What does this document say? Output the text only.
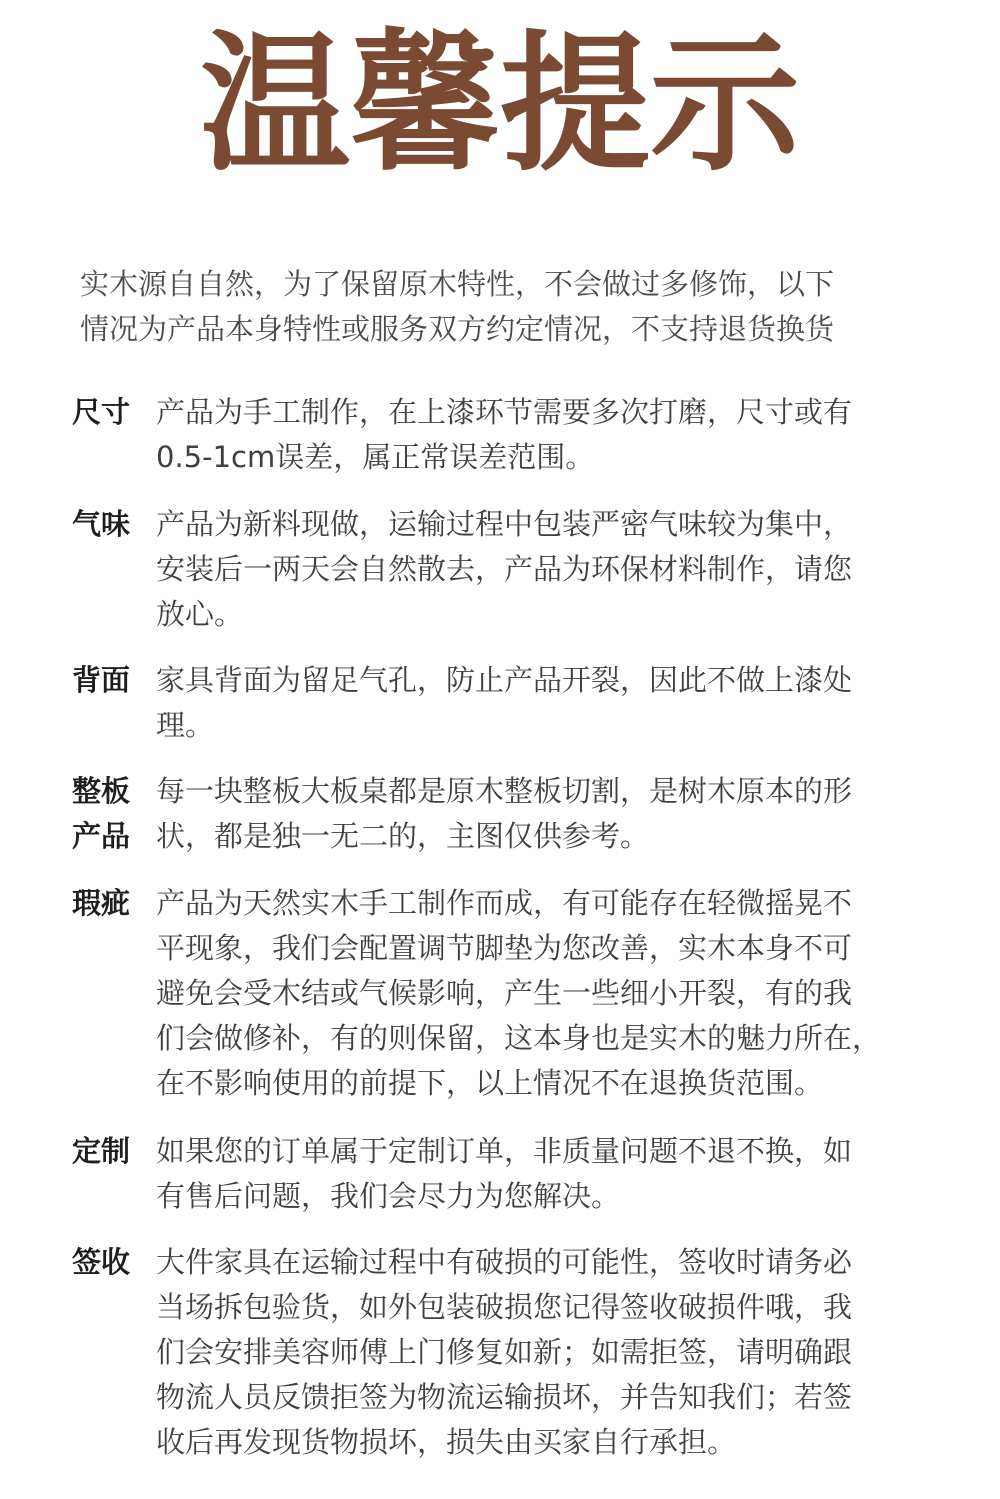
温馨提示
实木源自自然，为了保留原木特性，不会做过多修饰，以下
情况为产品本身特性或服务双方约定情况，不支持退货换货
尺寸 产品为手工制作，在上漆环节需要多次打磨，尺寸或有
0.5-1cm误差，属正常误差范围。
气味 产品为新料现做，运输过程中包装严密气味较为集中，
安装后一两天会自然散去，产品为环保材料制作，请您
放心。
背面 家具背面为留足气孔，防止产品开裂，因此不做上漆处
理。
整板
产品
每一块整板大板桌都是原木整板切割，是树木原本的形
状，都是独一无二的，主图仅供参考。
瑕疵 产品为天然实木手工制作而成，有可能存在轻微摇晃不
平现象，我们会配置调节脚垫为您改善，实木本身不可
避免会受木结或气候影响，产生一些细小开裂，有的我
们会做修补，有的则保留，这本身也是实木的魅力所在，
在不影响使用的前提下，以上情况不在退换货范围。
定制 如果您的订单属于定制订单，非质量问题不退不换，如
有售后问题，我们会尽力为您解决。
签收 大件家具在运输过程中有破损的可能性，签收时请务必
当场拆包验货，如外包装破损您记得签收破损件哦，我
们会安排美容师傅上门修复如新；如需拒签，请明确跟
物流人员反馈拒签为物流运输损坏，并告知我们；若签
收后再发现货物损坏，损失由买家自行承担。
